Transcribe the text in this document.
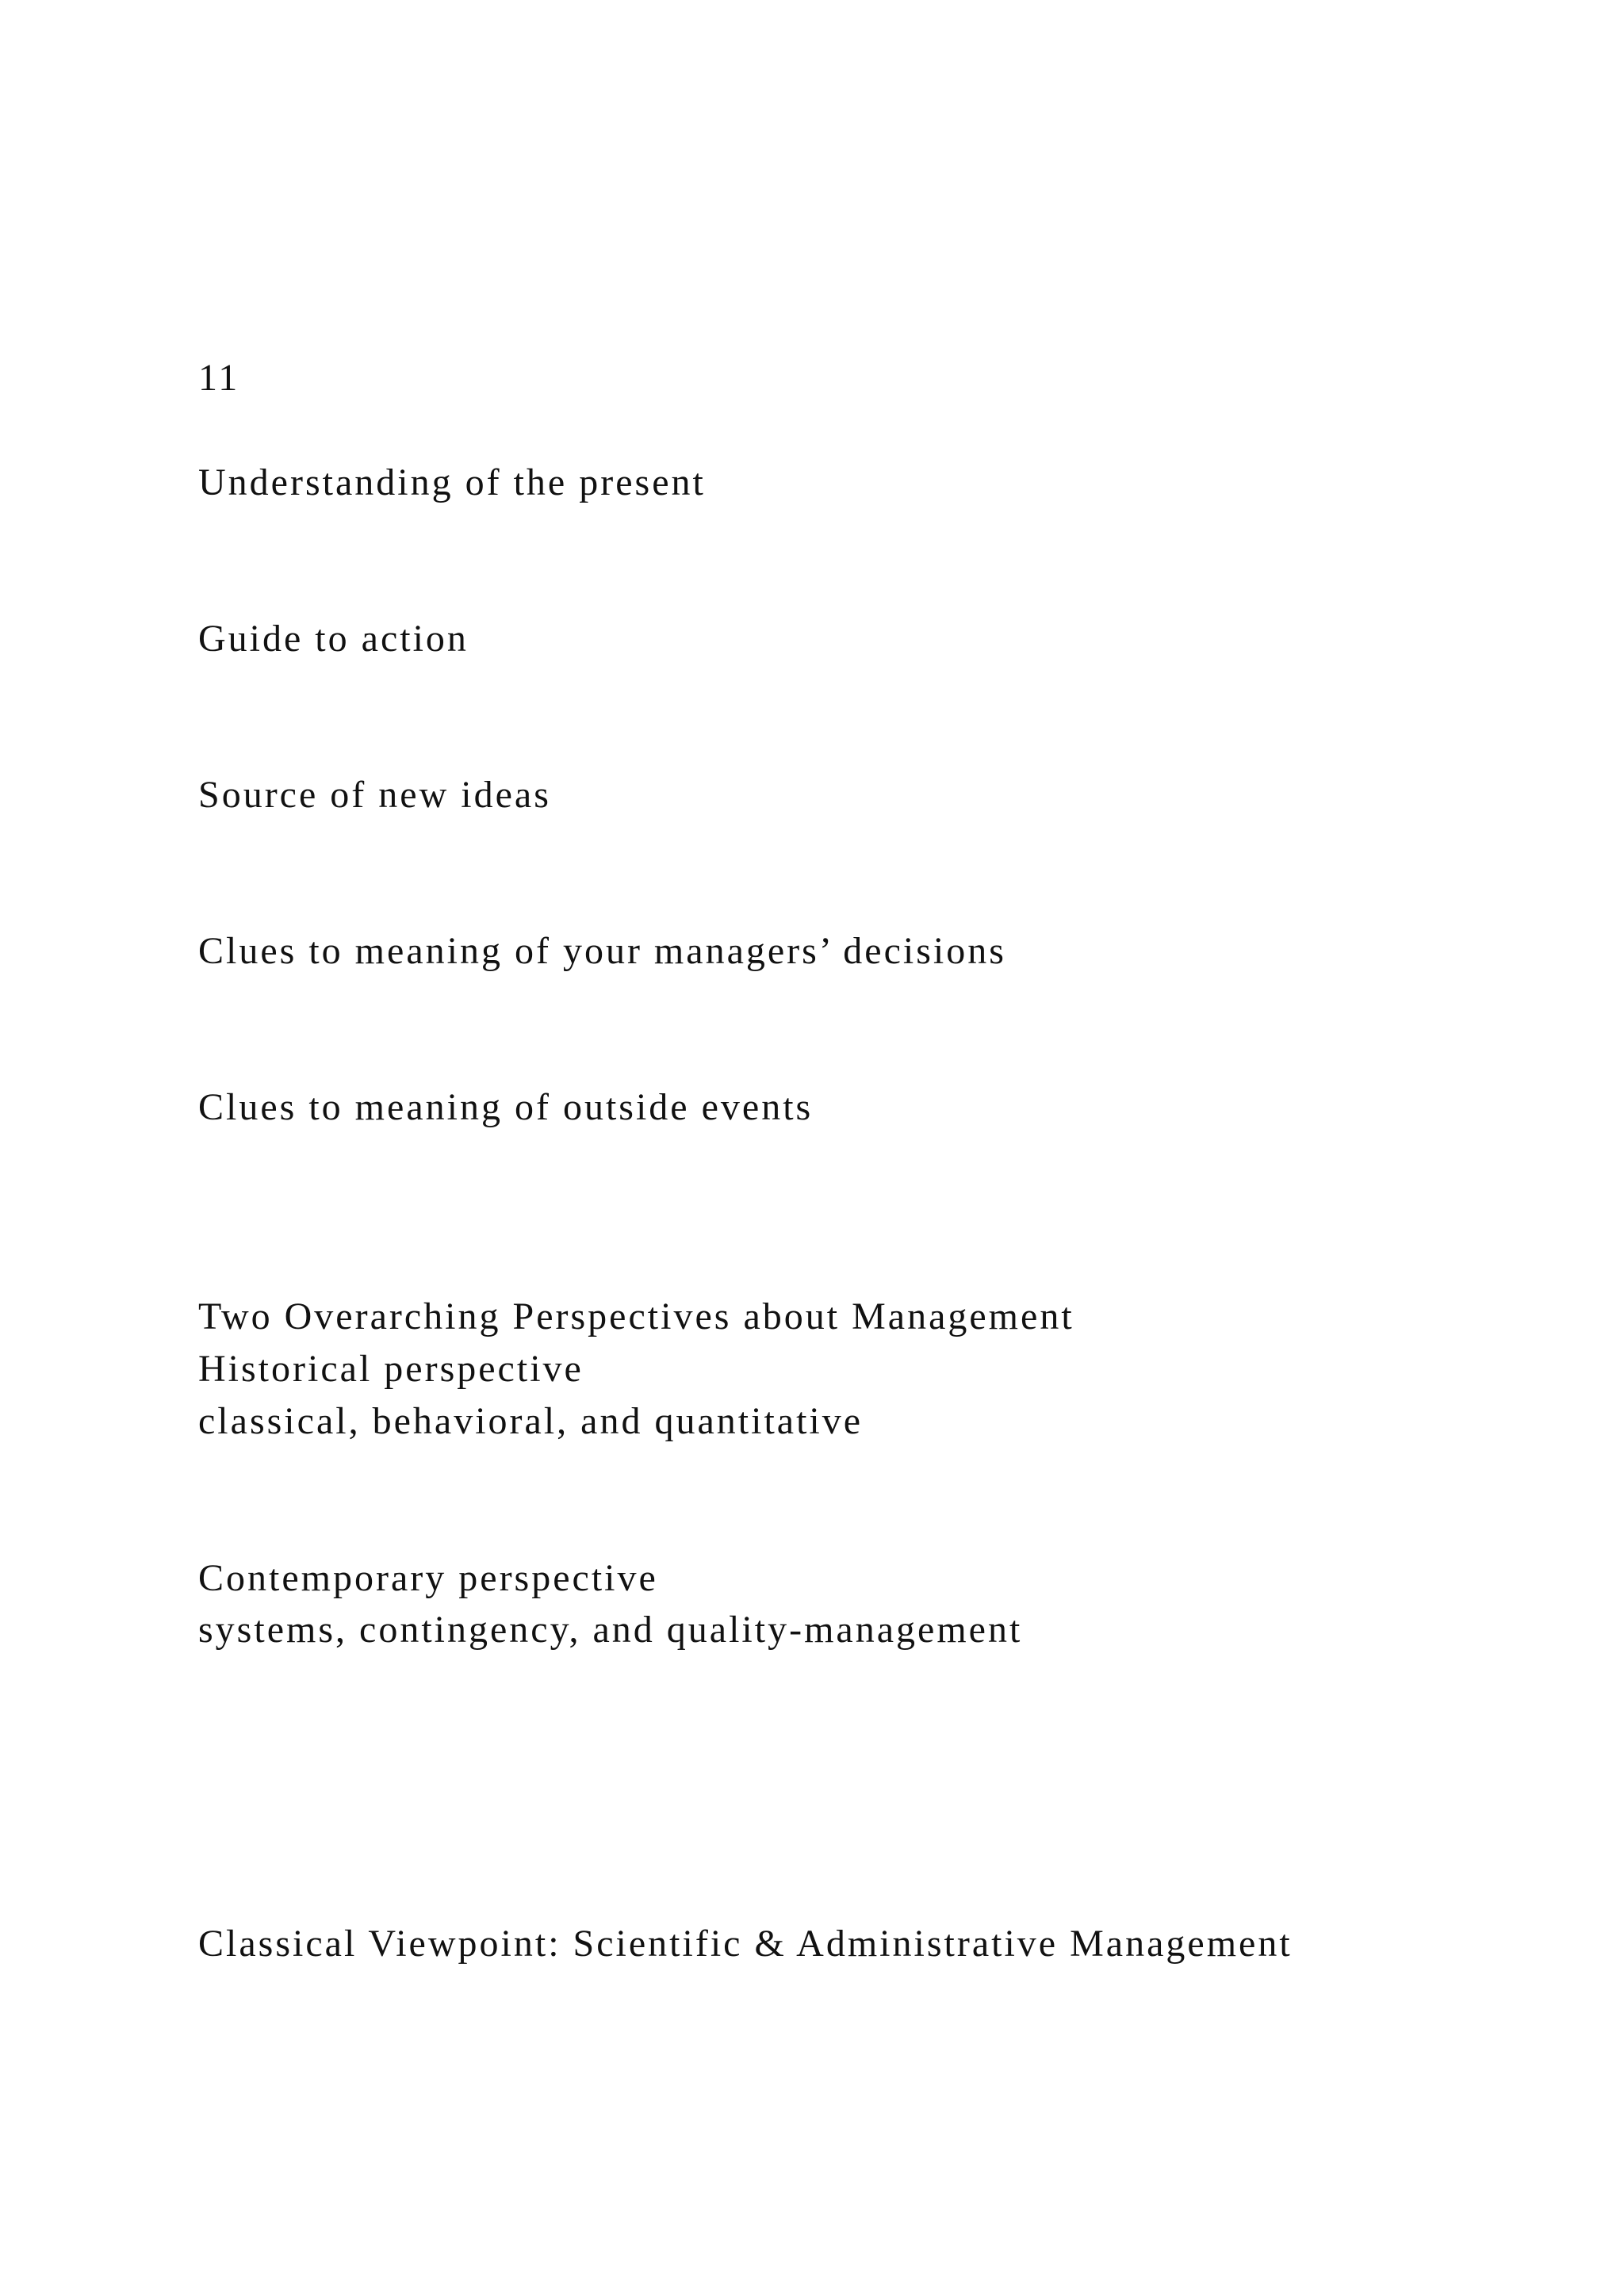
11
Understanding of the present
Guide to action
Source of new ideas
Clues to meaning of your managers’ decisions
Clues to meaning of outside events
Two Overarching Perspectives about Management
Historical perspective
classical, behavioral, and quantitative
Contemporary perspective
systems, contingency, and quality-management
Classical Viewpoint: Scientific & Administrative Management
